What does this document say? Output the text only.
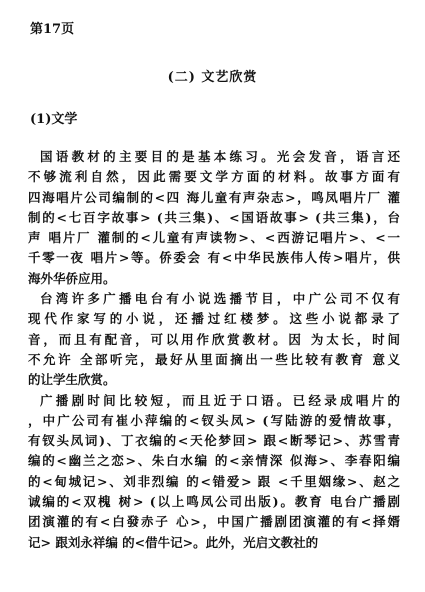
第17页
(二) 文艺欣赏
(1)文学
国语教材的主要目的是基本练习。光会发音，语言还
不够流利自然，因此需要文学方面的材料。故事方面有
四海唱片公司编制的<四 海儿童有声杂志>，鸣凤唱片厂 灌
制的<七百字故事> (共三集)、<国语故事> (共三集)，台
声 唱片厂 灌制的<儿童有声读物>、<西游记唱片>、<一
千零一夜 唱片>等。侨委会 有<中华民族伟人传>唱片，供
海外华侨应用。
台湾许多广播电台有小说选播节目，中广公司不仅有
现代作家写的小说，还播过红楼梦。这些小说都录了
音，而且有配音，可以用作欣赏教材。因 为太长，时间
不允许 全部听完，最好从里面摘出一些比较有教育 意义
的让学生欣赏。
广播剧时间比较短，而且近于口语。已经录成唱片的
，中广公司有崔小萍编的<钗头凤> (写陆游的爱情故事，
有钗头凤词)、丁衣编的<天伦梦回> 跟<断琴记>、苏雪青
编的<幽兰之恋>、朱白水编 的<亲情深 似海>、李春阳编
的<甸城记>、刘非烈编 的<错爱> 跟 <千里姻缘>、赵之
诚编的<双槐 树> (以上鸣凤公司出版)。教育 电台广播剧
团演灌的有<白發赤子 心>，中国广播剧团演灌的有<择婿
记> 跟刘永祥编 的<借牛记>。此外，光启文教社的
